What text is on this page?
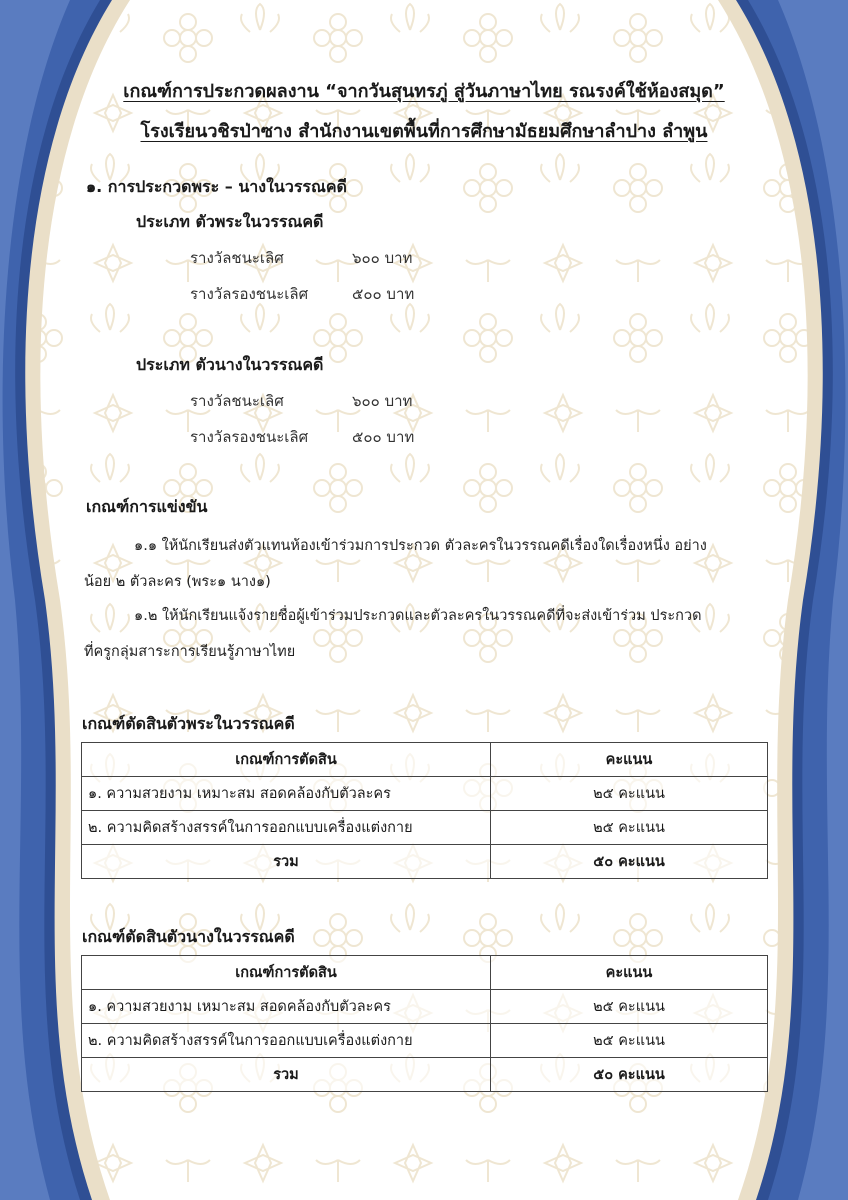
เกณฑ์การประกวดผลงาน “จากวันสุนทรภู่ สู่วันภาษาไทย รณรงค์ใช้ห้องสมุด”
โรงเรียนวชิรป่าซาง สำนักงานเขตพื้นที่การศึกษามัธยมศึกษาลำปาง ลำพูน
๑. การประกวดพระ – นางในวรรณคดี
ประเภท ตัวพระในวรรณคดี
รางวัลชนะเลิศ	๖๐๐ บาท
รางวัลรองชนะเลิศ	๕๐๐ บาท
ประเภท ตัวนางในวรรณคดี
รางวัลชนะเลิศ	๖๐๐ บาท
รางวัลรองชนะเลิศ	๕๐๐ บาท
เกณฑ์การแข่งขัน
๑.๑ ให้นักเรียนส่งตัวแทนห้องเข้าร่วมการประกวด ตัวละครในวรรณคดีเรื่องใดเรื่องหนึ่ง อย่าง
น้อย ๒ ตัวละคร (พระ๑ นาง๑)
๑.๒ ให้นักเรียนแจ้งรายชื่อผู้เข้าร่วมประกวดและตัวละครในวรรณคดีที่จะส่งเข้าร่วม ประกวด
ที่ครูกลุ่มสาระการเรียนรู้ภาษาไทย
เกณฑ์ตัดสินตัวพระในวรรณคดี
เกณฑ์การตัดสิน	คะแนน
๑. ความสวยงาม เหมาะสม สอดคล้องกับตัวละคร	๒๕ คะแนน
๒. ความคิดสร้างสรรค์ในการออกแบบเครื่องแต่งกาย	๒๕ คะแนน
รวม	๕๐ คะแนน
เกณฑ์ตัดสินตัวนางในวรรณคดี
เกณฑ์การตัดสิน	คะแนน
๑. ความสวยงาม เหมาะสม สอดคล้องกับตัวละคร	๒๕ คะแนน
๒. ความคิดสร้างสรรค์ในการออกแบบเครื่องแต่งกาย	๒๕ คะแนน
รวม	๕๐ คะแนน
